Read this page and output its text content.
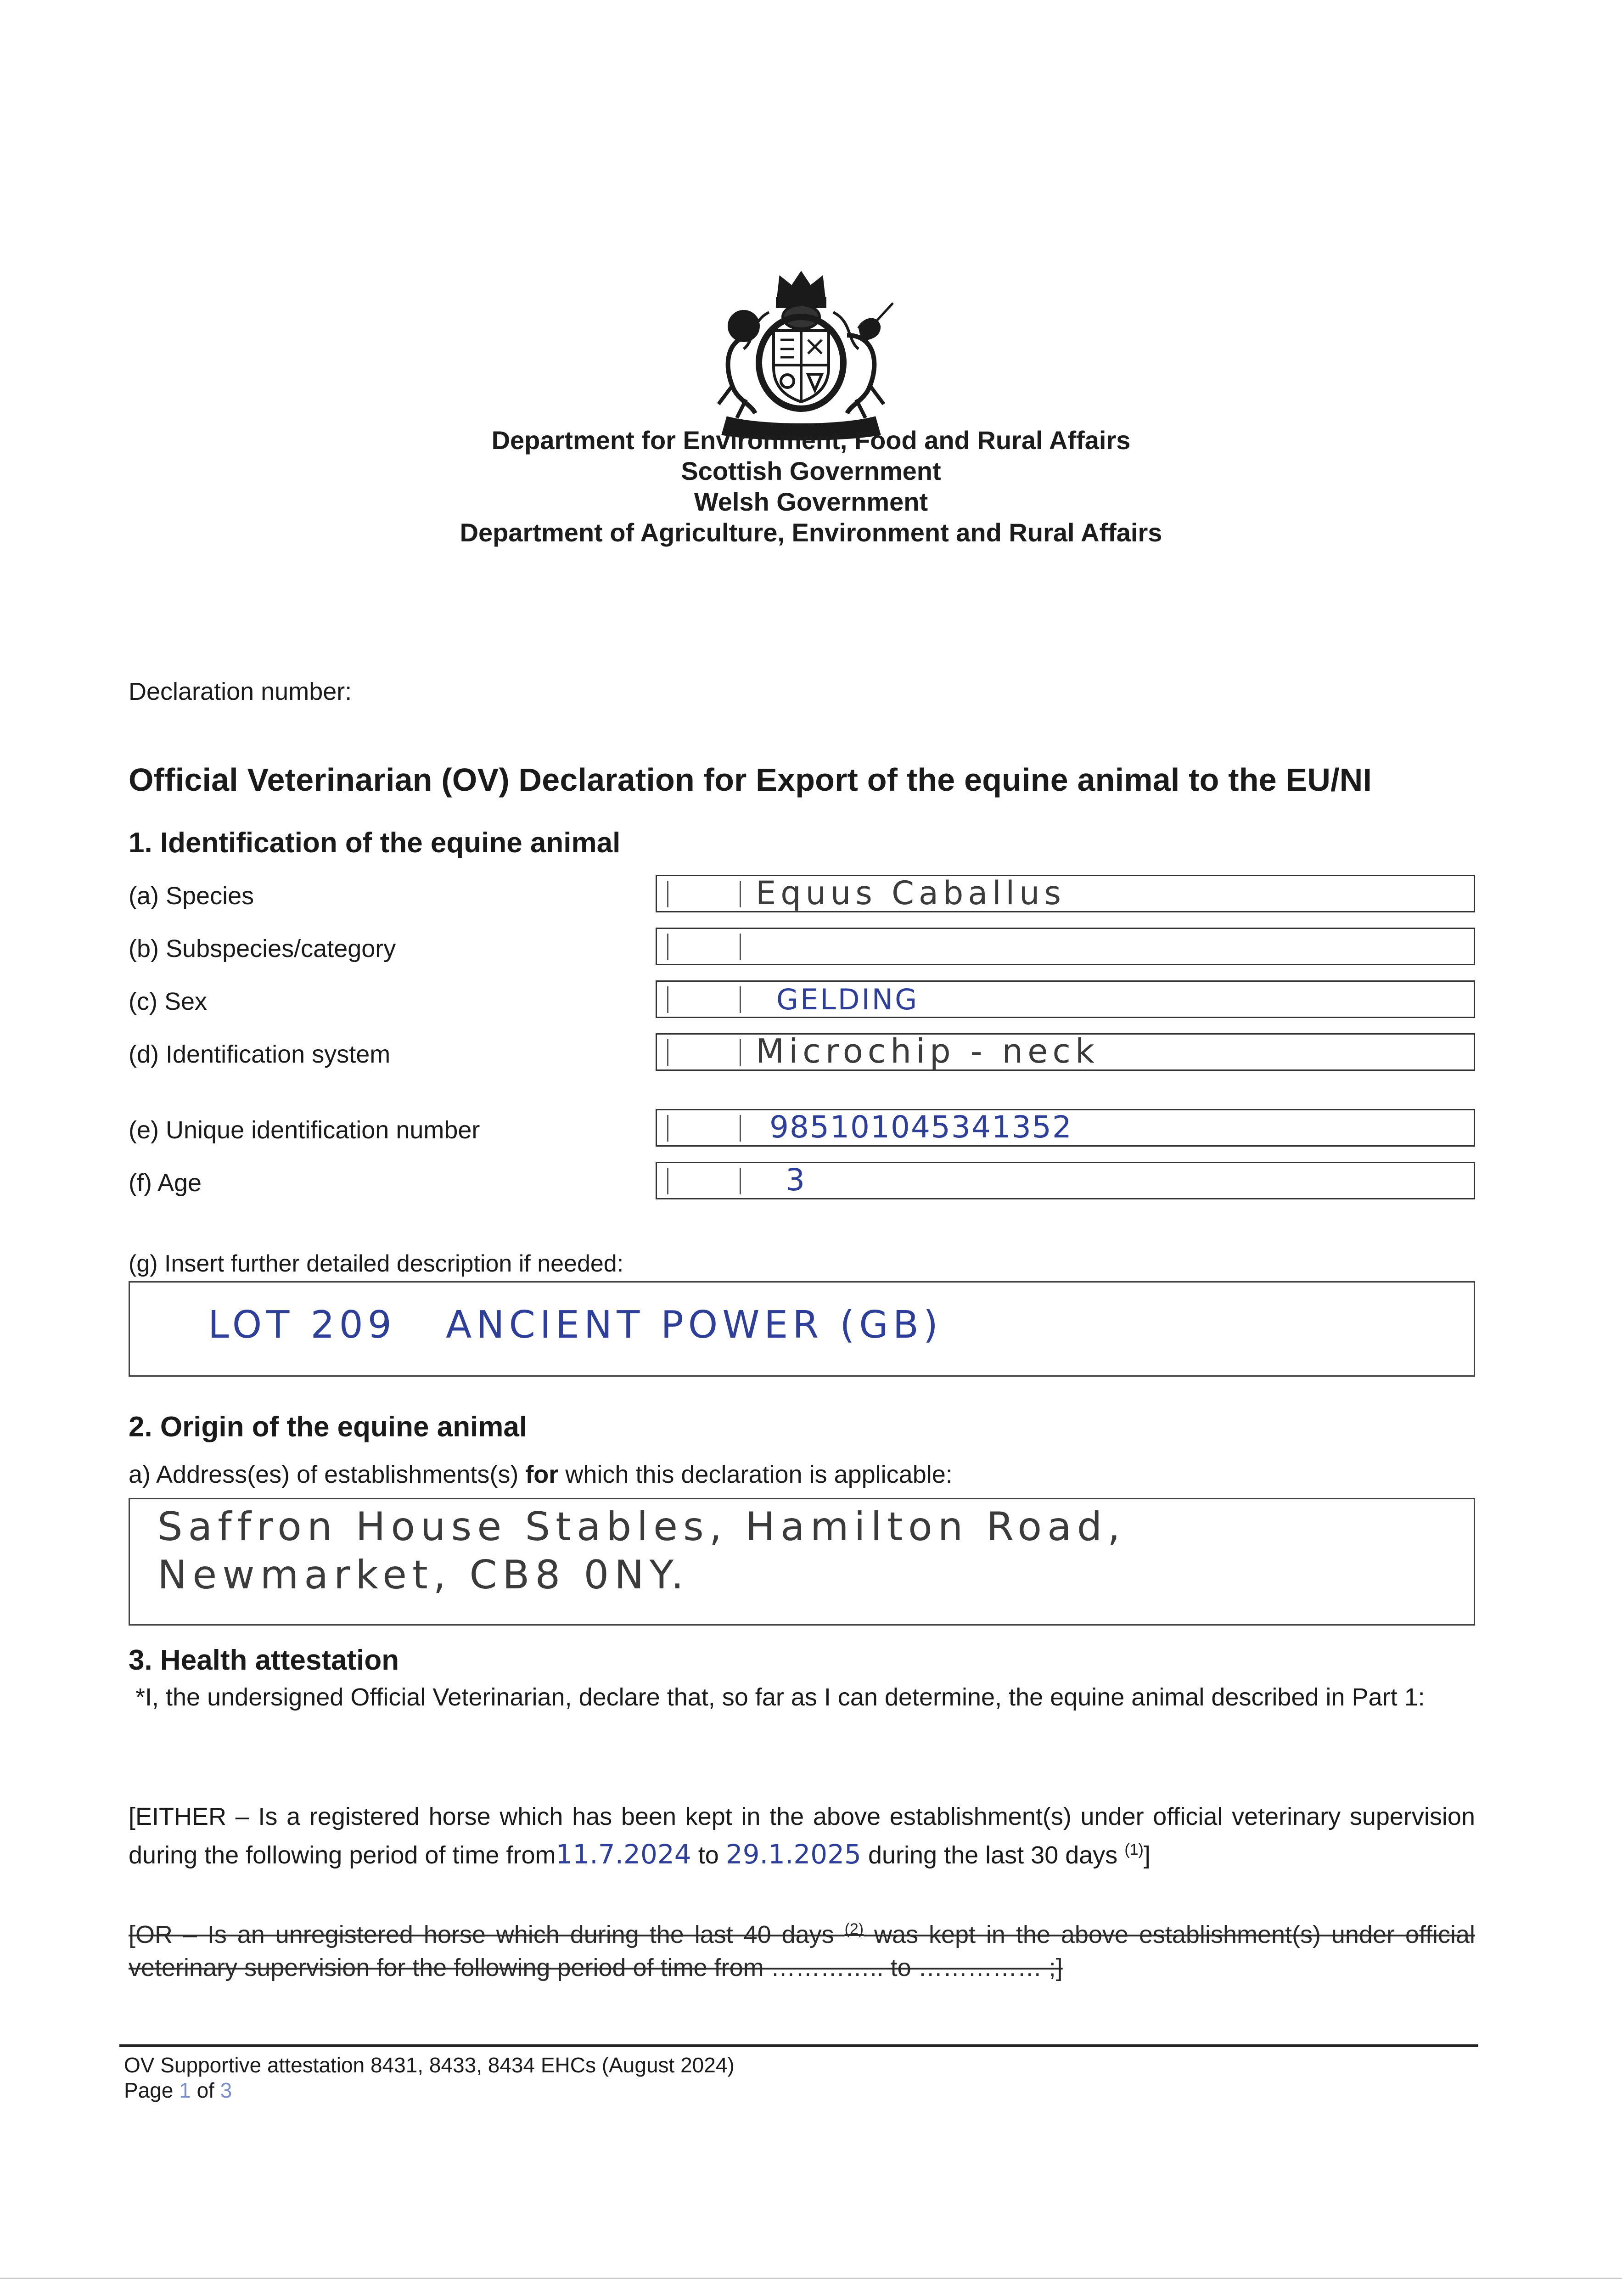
Department for Environment, Food and Rural Affairs
Scottish Government
Welsh Government
Department of Agriculture, Environment and Rural Affairs
Declaration number:
Official Veterinarian (OV) Declaration for Export of the equine animal to the EU/NI
1. Identification of the equine animal
(a) Species	Equus Caballus
(b) Subspecies/category
(c) Sex	GELDING
(d) Identification system	Microchip - neck
(e) Unique identification number	985101045341352
(f) Age	3
(g) Insert further detailed description if needed:
LOT 209   ANCIENT POWER (GB)
2. Origin of the equine animal
a) Address(es) of establishments(s) for which this declaration is applicable:
Saffron House Stables, Hamilton Road,
Newmarket, CB8 0NY.
3. Health attestation
*I, the undersigned Official Veterinarian, declare that, so far as I can determine, the equine animal described in Part 1:
[EITHER – Is a registered horse which has been kept in the above establishment(s) under official veterinary supervision during the following period of time from11.7.2024 to 29.1.2025 during the last 30 days $^{(1)}$]
[OR – Is an unregistered horse which during the last 40 days $^{(2)}$ was kept in the above establishment(s) under official veterinary supervision for the following period of time from ………….. to …………… ;]
OV Supportive attestation 8431, 8433, 8434 EHCs (August 2024)
Page 1 of 3
